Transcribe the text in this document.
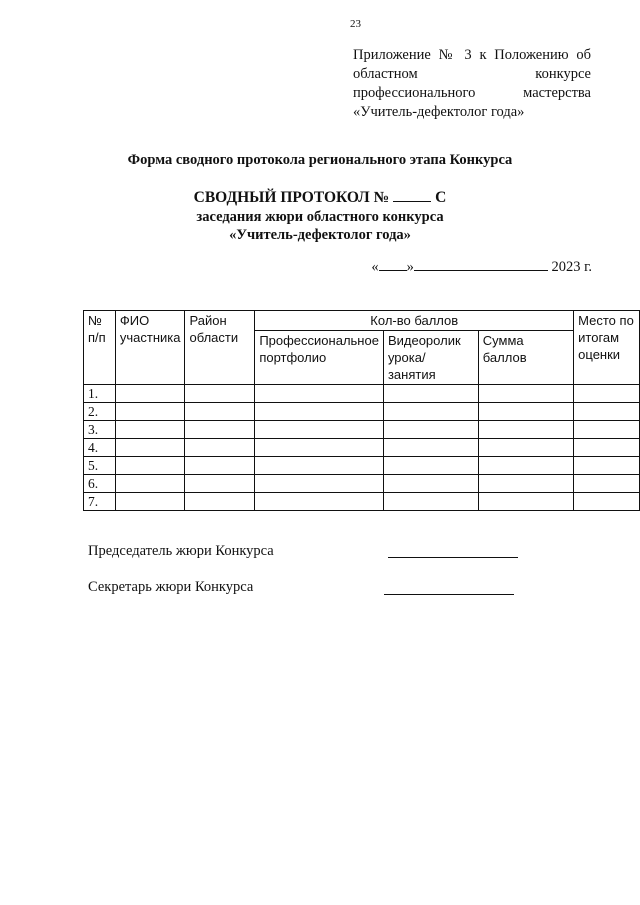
23
Приложение № 3 к Положению об
областном конкурсе
профессионального мастерства
«Учитель-дефектолог года»
Форма сводного протокола регионального этапа Конкурса
СВОДНЫЙ ПРОТОКОЛ №	С
заседания жюри областного конкурса
«Учитель-дефектолог года»
« »	2023 г.
№ п/п	ФИО участника	Район области	Кол-во баллов			Место по итогам оценки
			Профессиональное портфолио	Видеоролик урока/ занятия	Сумма баллов	
1.						
2.						
3.						
4.						
5.						
6.						
7.						
Председатель жюри Конкурса
Секретарь жюри Конкурса
